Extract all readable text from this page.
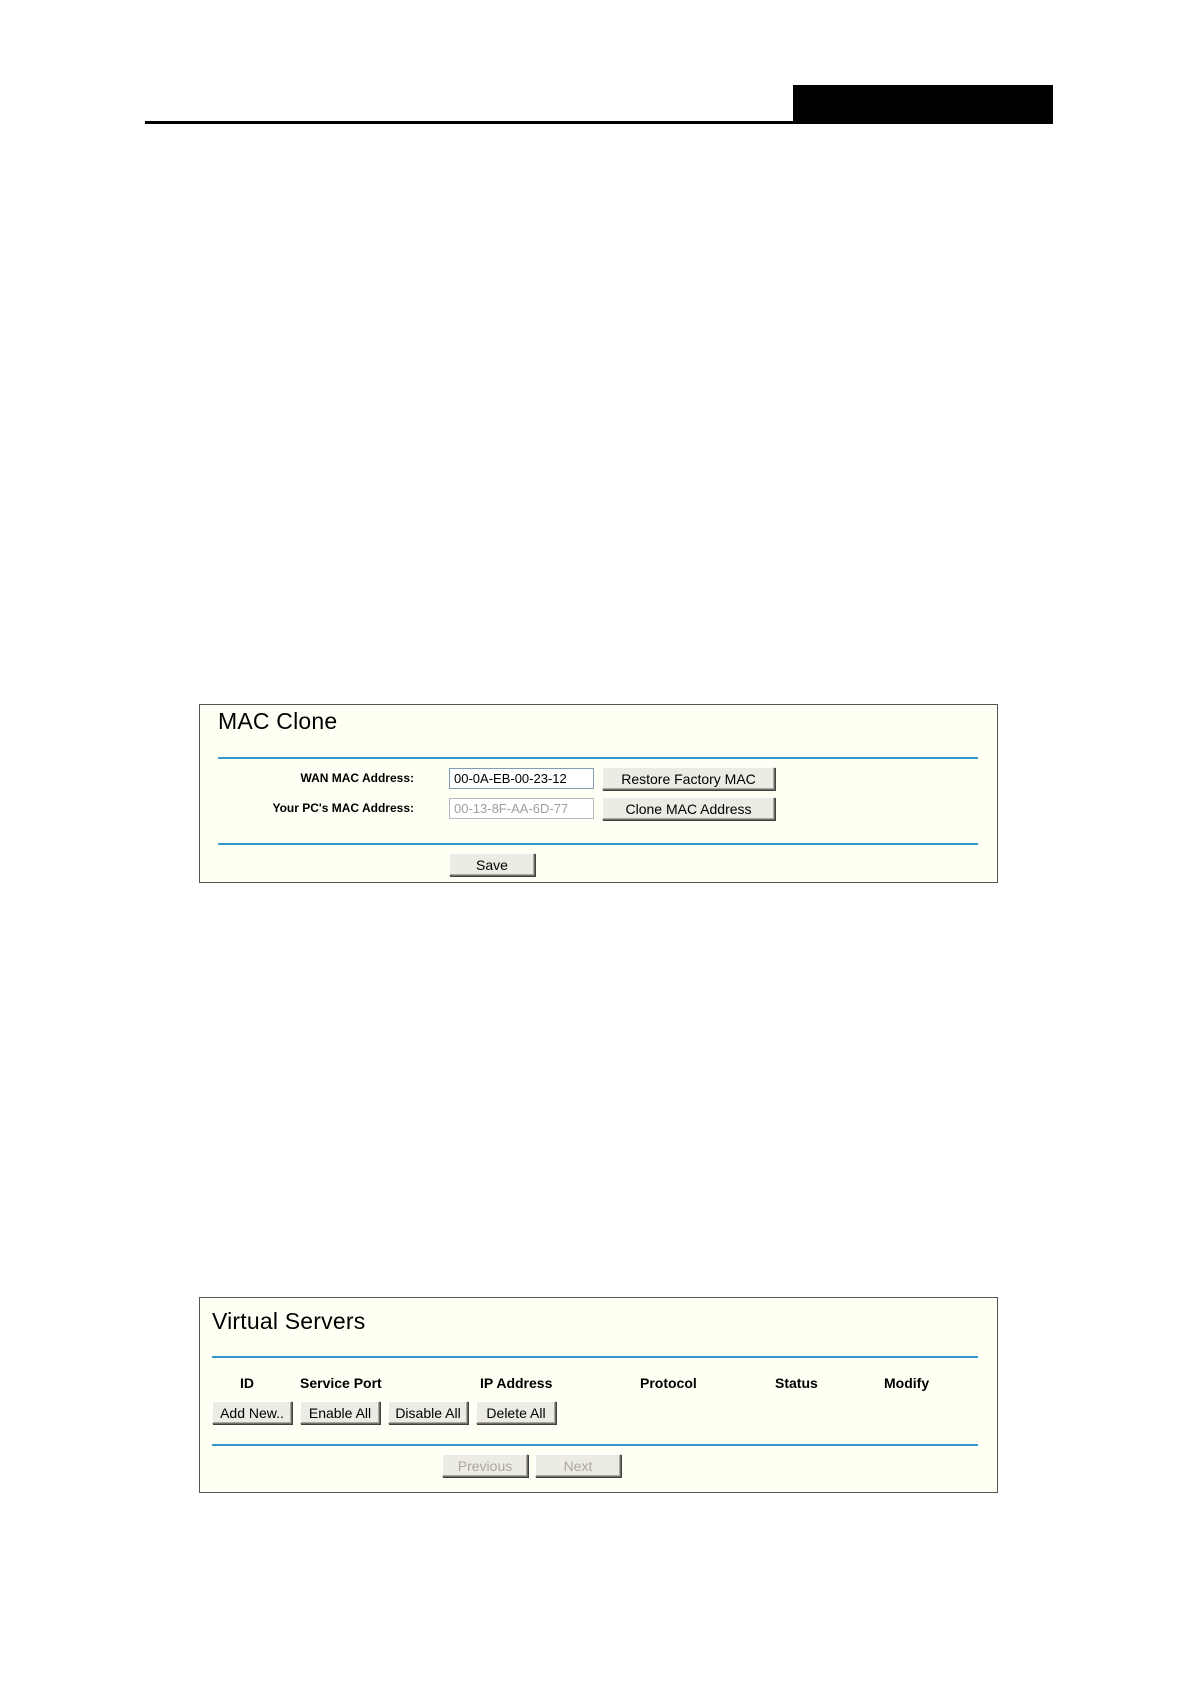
MAC Clone
WAN MAC Address:
00-0A-EB-00-23-12	Restore Factory MAC
Your PC's MAC Address:
00-13-8F-AA-6D-77	Clone MAC Address
Save
Virtual Servers
ID	Service Port	IP Address	Protocol	Status	Modify
Add New..	Enable All	Disable All	Delete All
Previous	Next
